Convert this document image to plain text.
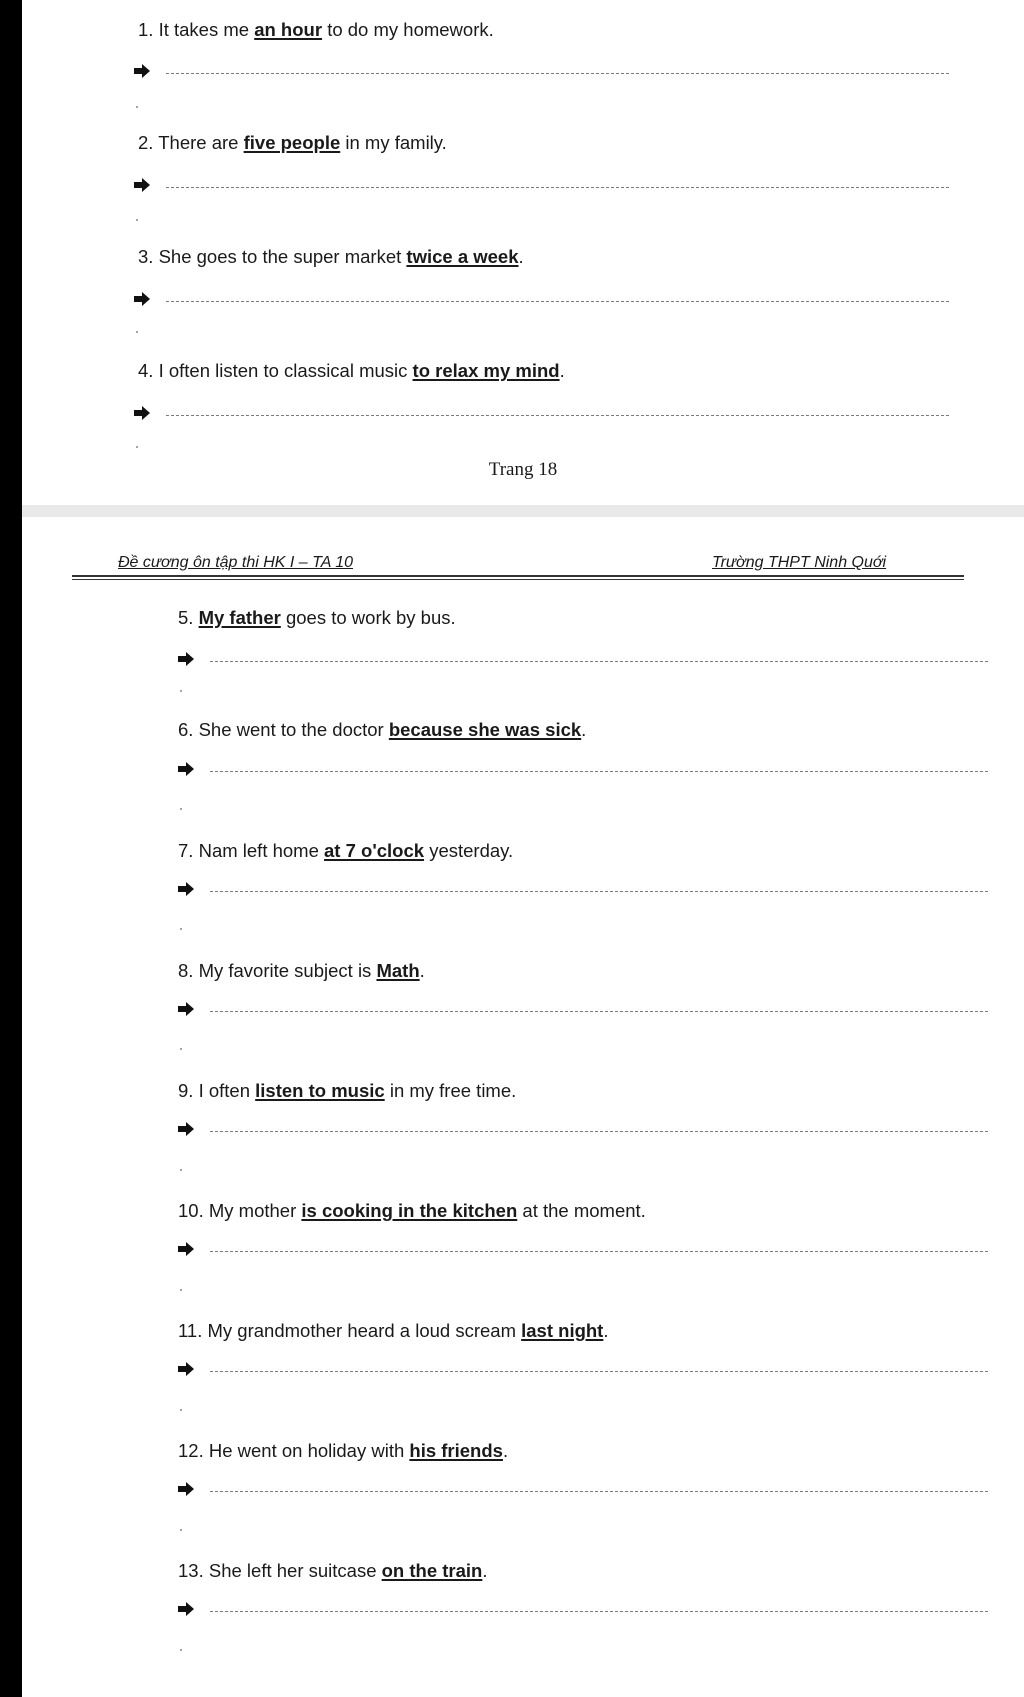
1. It takes me an hour to do my homework.
2. There are five people in my family.
3. She goes to the super market twice a week.
4. I often listen to classical music to relax my mind.
Trang 18
Đề cương ôn tập thi HK I – TA 10	Trường THPT Ninh Quới
5. My father goes to work by bus.
6. She went to the doctor because she was sick.
7. Nam left home at 7 o'clock yesterday.
8. My favorite subject is Math.
9. I often listen to music in my free time.
10. My mother is cooking in the kitchen at the moment.
11. My grandmother heard a loud scream last night.
12. He went on holiday with his friends.
13. She left her suitcase on the train.
